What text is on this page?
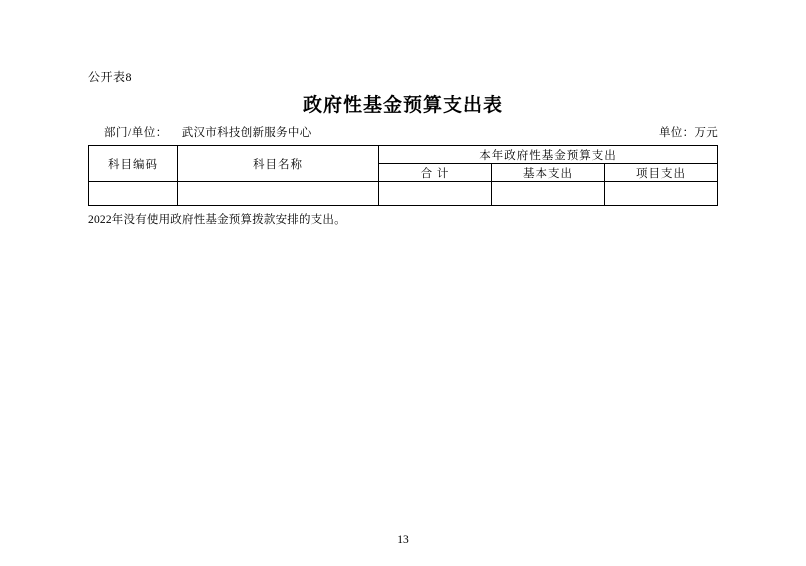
公开表8
政府性基金预算支出表
部门/单位： 武汉市科技创新服务中心	单位：万元
科目编码	科目名称	本年政府性基金预算支出		
		合 计	基本支出	项目支出

2022年没有使用政府性基金预算拨款安排的支出。
13
